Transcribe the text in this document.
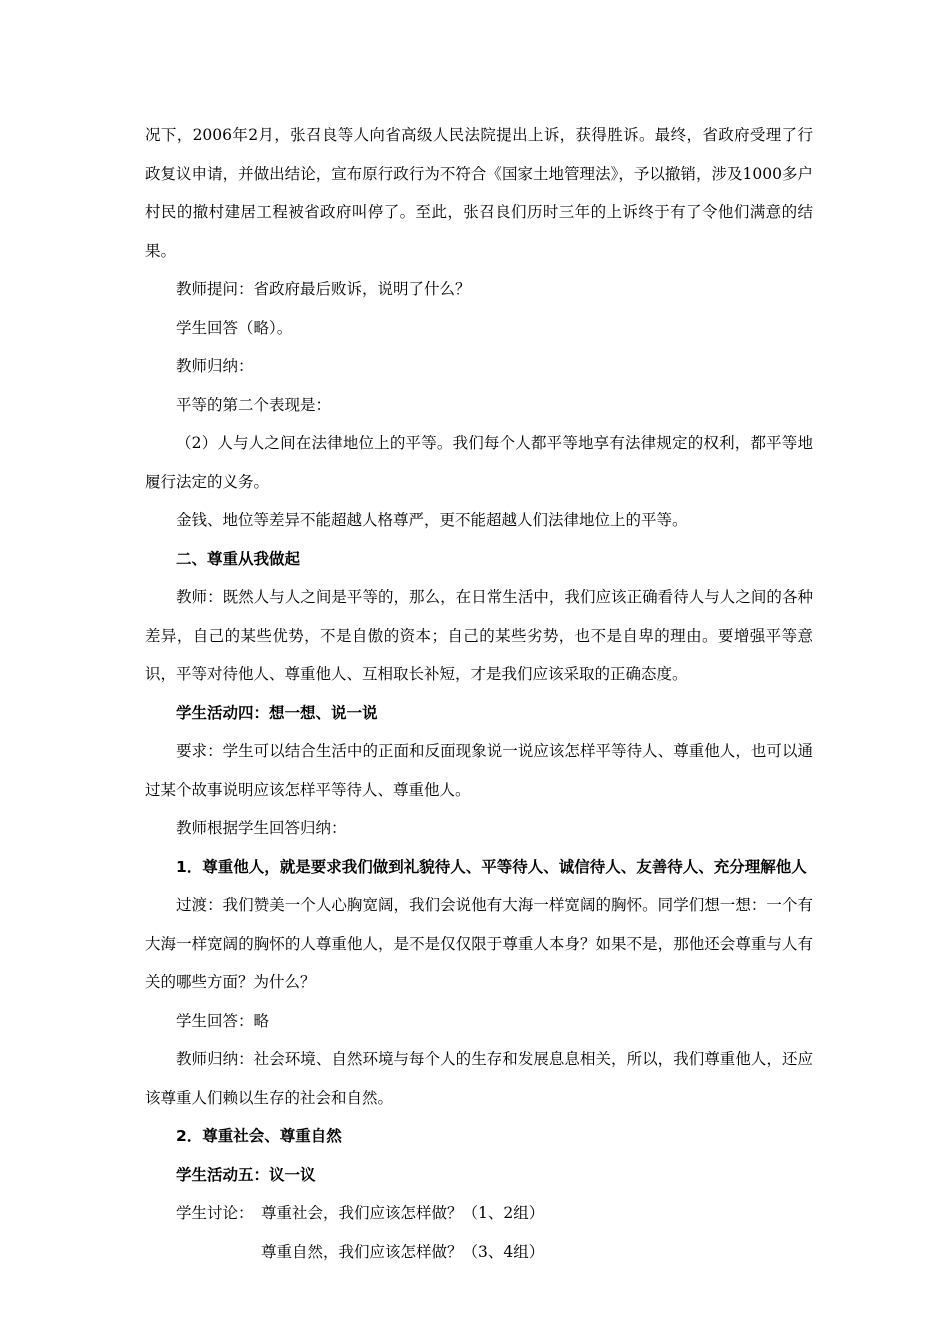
况下，2006年2月，张召良等人向省高级人民法院提出上诉，获得胜诉。最终，省政府受理了行政复议申请，并做出结论，宣布原行政行为不符合《国家土地管理法》，予以撤销，涉及1000多户村民的撤村建居工程被省政府叫停了。至此，张召良们历时三年的上诉终于有了令他们满意的结果。

教师提问：省政府最后败诉，说明了什么？

学生回答（略）。

教师归纳：

平等的第二个表现是：

（2）人与人之间在法律地位上的平等。我们每个人都平等地享有法律规定的权利，都平等地履行法定的义务。

金钱、地位等差异不能超越人格尊严，更不能超越人们法律地位上的平等。

二、尊重从我做起

教师：既然人与人之间是平等的，那么，在日常生活中，我们应该正确看待人与人之间的各种差异，自己的某些优势，不是自傲的资本；自己的某些劣势，也不是自卑的理由。要增强平等意识，平等对待他人、尊重他人、互相取长补短，才是我们应该采取的正确态度。

学生活动四：想一想、说一说

要求：学生可以结合生活中的正面和反面现象说一说应该怎样平等待人、尊重他人，也可以通过某个故事说明应该怎样平等待人、尊重他人。

教师根据学生回答归纳：

1．尊重他人，就是要求我们做到礼貌待人、平等待人、诚信待人、友善待人、充分理解他人

过渡：我们赞美一个人心胸宽阔，我们会说他有大海一样宽阔的胸怀。同学们想一想：一个有大海一样宽阔的胸怀的人尊重他人，是不是仅仅限于尊重人本身？如果不是，那他还会尊重与人有关的哪些方面？为什么？

学生回答：略

教师归纳：社会环境、自然环境与每个人的生存和发展息息相关，所以，我们尊重他人，还应该尊重人们赖以生存的社会和自然。

2．尊重社会、尊重自然

学生活动五：议一议

学生讨论： 尊重社会，我们应该怎样做？（1、2组）

尊重自然，我们应该怎样做？（3、4组）
